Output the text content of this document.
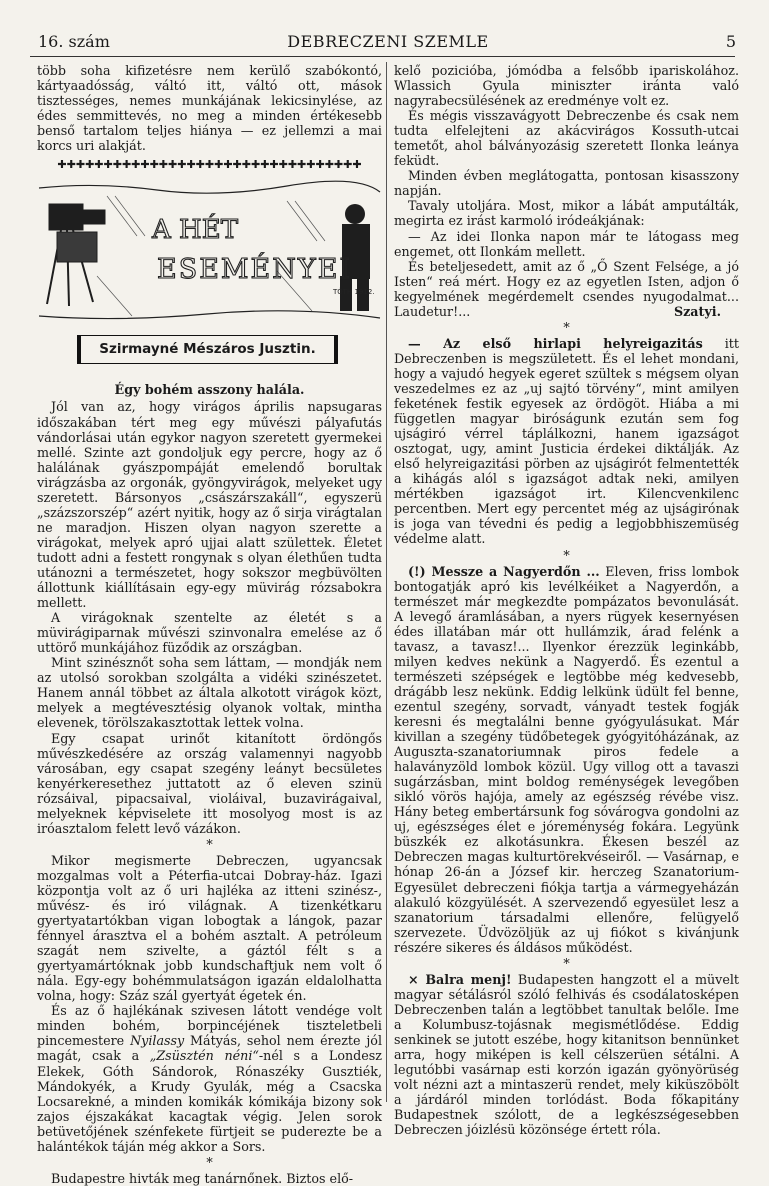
16. szám	DEBRECZENI SZEMLE	5

több soha kifizetésre nem kerülő szabókontó, kártyaadósság, váltó itt, váltó ott, mások tisztességes, nemes munkájának lekicsinylése, az édes semmittevés, no meg a minden értékesebb benső tartalom teljes hiánya — ez jellemzi a mai korcs uri alakját.

✚✚✚✚✚✚✚✚✚✚✚✚✚✚✚✚✚✚✚✚✚✚✚✚✚✚✚✚✚✚✚✚✚
A HÉT
ESEMÉNYEI
TÓTH 1912.
Szirmayné Mészáros Jusztin.
Égy bohém asszony halála.

Jól van az, hogy virágos április napsugaras időszakában tért meg egy művészi pályafutás vándorlásai után egykor nagyon szeretett gyermekei mellé. Szinte azt gondoljuk egy percre, hogy az ő halálának gyászpompáját emelendő borultak virágzásba az orgonák, gyöngyvirágok, melyeket ugy szeretett. Bársonyos „császárszakáll“, egyszerü „százszorszép“ azért nyitik, hogy az ő sirja virágtalan ne maradjon. Hiszen olyan nagyon szerette a virágokat, melyek apró ujjai alatt születtek. Életet tudott adni a festett rongynak s olyan élethűen tudta utánozni a természetet, hogy sokszor megbüvölten állottunk kiállításain egy-egy müvirág rózsabokra mellett.

A virágoknak szentelte az életét s a müvirágiparnak művészi szinvonalra emelése az ő uttörő munkájához füződik az országban.

Mint szinésznőt soha sem láttam, — mondják nem az utolsó sorokban szolgálta a vidéki szinészetet. Hanem annál többet az általa alkotott virágok közt, melyek a megtévesztésig olyanok voltak, mintha elevenek, törölszakasztottak lettek volna.

Egy csapat urinőt kitanított ördöngős művészkedésére az ország valamennyi nagyobb városában, egy csapat szegény leányt becsületes kenyérkeresethez juttatott az ő eleven szinü rózsáival, pipacsaival, violáival, buzavirágaival, melyeknek képviselete itt mosolyog most is az iróasztalom felett levő vázákon.

*

Mikor megismerte Debreczen, ugyancsak mozgalmas volt a Péterfia-utcai Dobray-ház. Igazi központja volt az ő uri hajléka az itteni szinész-, művész- és iró világnak. A tizenkétkaru gyertyatartókban vigan lobogtak a lángok, pazar fénnyel árasztva el a bohém asztalt. A petróleum szagát nem szivelte, a gáztól félt s a gyertyamártóknak jobb kundschaftjuk nem volt ő nála. Egy-egy bohémmulatságon igazán eldalolhatta volna, hogy: Száz szál gyertyát égetek én.

És az ő hajlékának szivesen látott vendége volt minden bohém, borpincéjének tiszteletbeli pincemestere Nyilassy Mátyás, sehol nem érezte jól magát, csak a „Zsüsztén néni“-nél s a Londesz Elekek, Góth Sándorok, Rónaszéky Gusztiék, Mándokyék, a Krudy Gyulák, még a Csacska Locsarekné, a minden komikák kómikája bizony sok zajos éjszakákat kacagtak végig. Jelen sorok betüvetőjének szénfekete fürtjeit se puderezte be a halántékok táján még akkor a Sors.

*

Budapestre hivták meg tanárnőnek. Biztos elő-

kelő pozicióba, jómódba a felsőbb ipariskolához. Wlassich Gyula miniszter iránta való nagyrabecsülésének az eredménye volt ez.

És mégis visszavágyott Debreczenbe és csak nem tudta elfelejteni az akácvirágos Kossuth-utcai temetőt, ahol bálványozásig szeretett Ilonka leánya feküdt.

Minden évben meglátogatta, pontosan kisasszony napján.

Tavaly utoljára. Most, mikor a lábát amputálták, megirta ez irást karmoló iródeákjának:

— Az idei Ilonka napon már te látogass meg engemet, ott Ilonkám mellett.

És beteljesedett, amit az ő „Ő Szent Felsége, a jó Isten“ reá mért. Hogy ez az egyetlen Isten, adjon ő kegyelmének megérdemelt csendes nyugodalmat... Laudetur!...	Szatyi.

*

— Az első hirlapi helyreigazitás itt Debreczenben is megszületett. És el lehet mondani, hogy a vajudó hegyek egeret szültek s mégsem olyan veszedelmes ez az „uj sajtó törvény“, mint amilyen feketének festik egyesek az ördögöt. Hiába a mi független magyar biróságunk ezután sem fog ujságiró vérrel táplálkozni, hanem igazságot osztogat, ugy, amint Justicia érdekei diktálják. Az első helyreigazitási pörben az ujságirót felmentették a kihágás alól s igazságot adtak neki, amilyen mértékben igazságot irt. Kilencvenkilenc percentben. Mert egy percentet még az ujságirónak is joga van tévedni és pedig a legjobbhiszemüség védelme alatt.

*

(!) Messze a Nagyerdőn ... Eleven, friss lombok bontogatják apró kis levélkéiket a Nagyerdőn, a természet már megkezdte pompázatos bevonulását. A levegő áramlásában, a nyers rügyek kesernyésen édes illatában már ott hullámzik, árad felénk a tavasz, a tavasz!... Ilyenkor érezzük leginkább, milyen kedves nekünk a Nagyerdő. És ezentul a természeti szépségek e legtöbbe még kedvesebb, drágább lesz nekünk. Eddig lelkünk üdült fel benne, ezentul szegény, sorvadt, ványadt testek fogják keresni és megtalálni benne gyógyulásukat. Már kivillan a szegény tüdőbetegek gyógyitóházának, az Auguszta-szanatoriumnak piros fedele a halaványzöld lombok közül. Ugy villog ott a tavaszi sugárzásban, mint boldog reménységek levegőben sikló vörös hajója, amely az egészség révébe visz. Hány beteg embertársunk fog sóvárogva gondolni az uj, egészséges élet e jóreménység fokára. Legyünk büszkék ez alkotásunkra. Ékesen beszél az Debreczen magas kulturtörekvéseiről. — Vasárnap, e hónap 26-án a József kir. herczeg Szanatorium-Egyesület debreczeni fiókja tartja a vármegyeházán alakuló közgyülését. A szervezendő egyesület lesz a szanatorium társadalmi ellenőre, felügyelő szervezete. Üdvözöljük az uj fiókot s kivánjunk részére sikeres és áldásos működést.

*

× Balra menj! Budapesten hangzott el a müvelt magyar sétálásról szóló felhivás és csodálatosképen Debreczenben talán a legtöbbet tanultak belőle. Ime a Kolumbusz-tojásnak megismétlődése. Eddig senkinek se jutott eszébe, hogy kitanitson bennünket arra, hogy miképen is kell célszerüen sétálni. A legutóbbi vasárnap esti korzón igazán gyönyörüség volt nézni azt a mintaszerü rendet, mely kiküszöbölt a járdáról minden torlódást. Boda főkapitány Budapestnek szólott, de a legkészségesebben Debreczen jóizlésü közönsége értett róla.
